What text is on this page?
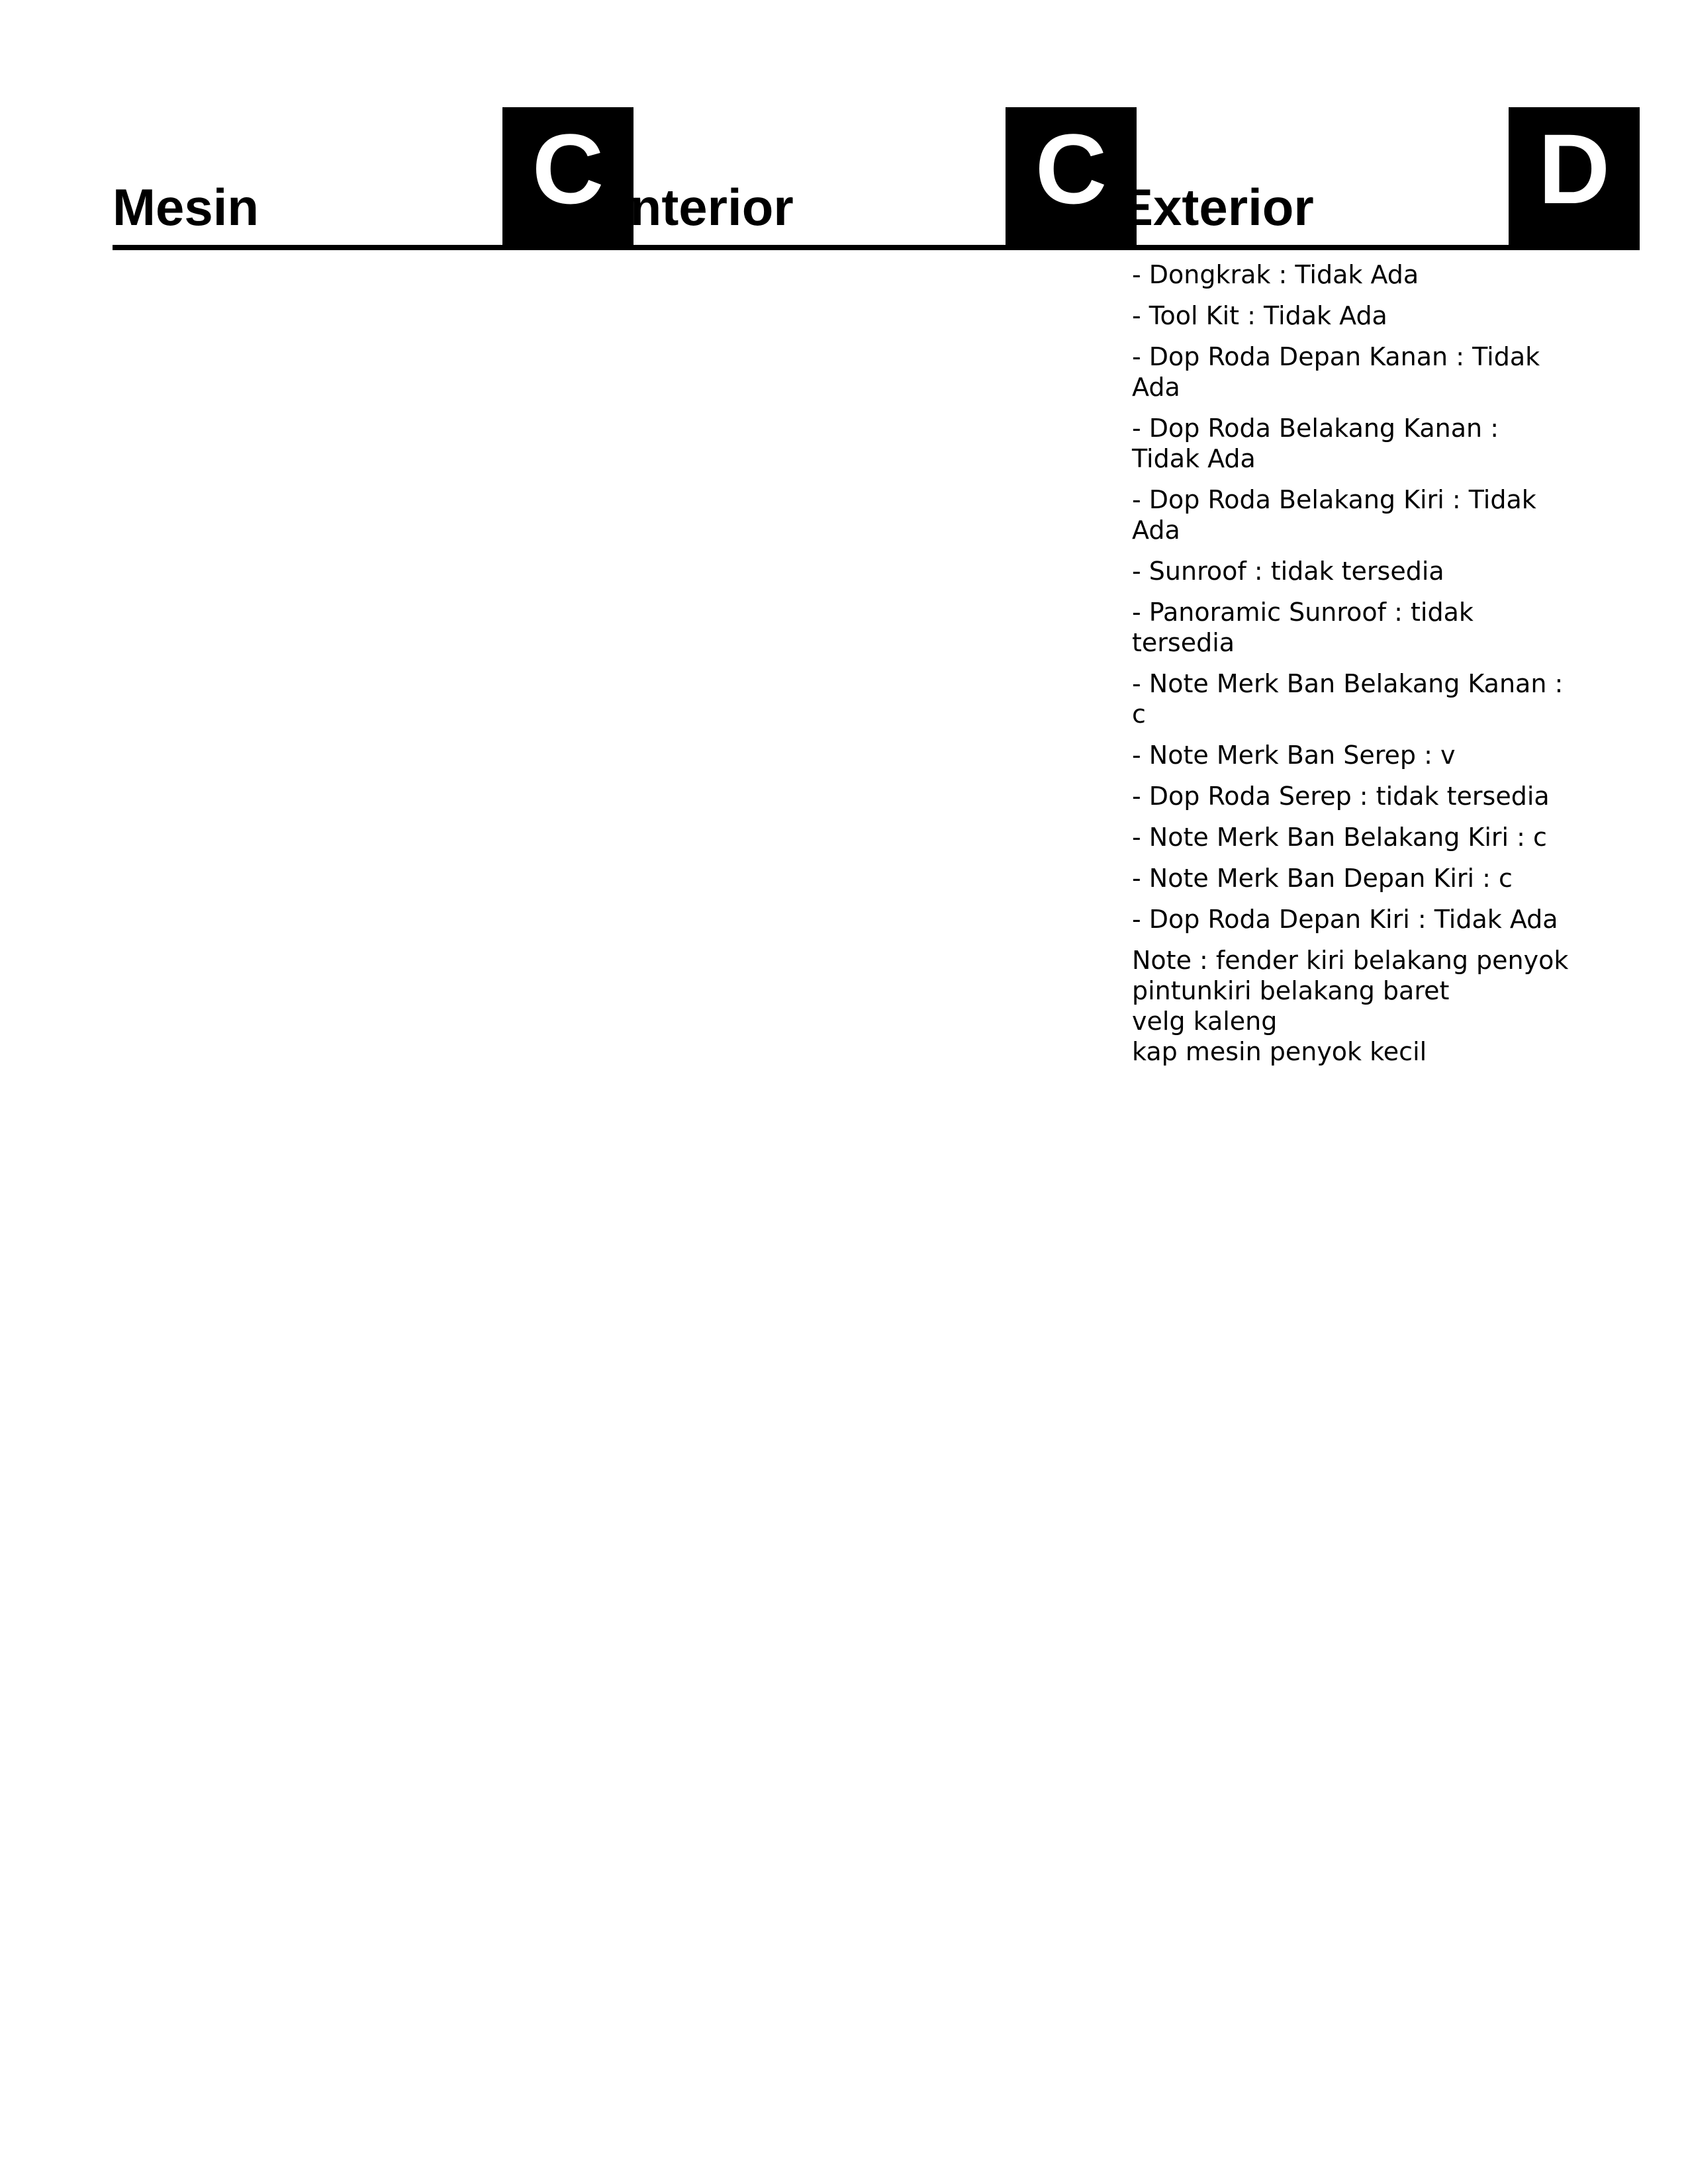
Mesin	C Interior C Exterior D
- Dongkrak : Tidak Ada
- Tool Kit : Tidak Ada
- Dop Roda Depan Kanan : Tidak Ada
- Dop Roda Belakang Kanan : Tidak Ada
- Dop Roda Belakang Kiri : Tidak Ada
- Sunroof : tidak tersedia
- Panoramic Sunroof : tidak tersedia
- Note Merk Ban Belakang Kanan : c
- Note Merk Ban Serep : v
- Dop Roda Serep : tidak tersedia
- Note Merk Ban Belakang Kiri : c
- Note Merk Ban Depan Kiri : c
- Dop Roda Depan Kiri : Tidak Ada
Note : fender kiri belakang penyok
pintunkiri belakang baret
velg kaleng
kap mesin penyok kecil
